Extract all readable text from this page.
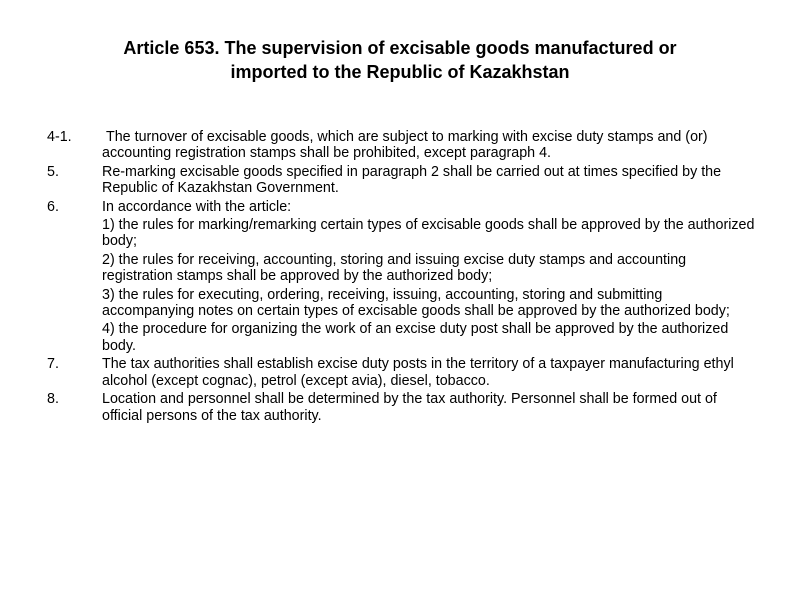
Article 653. The supervision of excisable goods manufactured or
imported to the Republic of Kazakhstan
4-1.	The turnover of excisable goods, which are subject to marking with excise duty stamps and (or) accounting registration stamps shall be prohibited, except paragraph 4.
5.	Re-marking excisable goods specified in paragraph 2 shall be carried out at times specified by the Republic of Kazakhstan Government.
6.	In accordance with the article:
1) the rules for marking/remarking certain types of excisable goods shall be approved by the authorized body;
2) the rules for receiving, accounting, storing and issuing excise duty stamps and accounting registration stamps shall be approved by the authorized body;
3) the rules for executing, ordering, receiving, issuing, accounting, storing and submitting accompanying notes on certain types of excisable goods shall be approved by the authorized body;
4) the procedure for organizing the work of an excise duty post shall be approved by the authorized body.
7.	The tax authorities shall establish excise duty posts in the territory of a taxpayer manufacturing ethyl alcohol (except cognac), petrol (except avia), diesel, tobacco.
8.	Location and personnel shall be determined by the tax authority. Personnel shall be formed out of official persons of the tax authority.
